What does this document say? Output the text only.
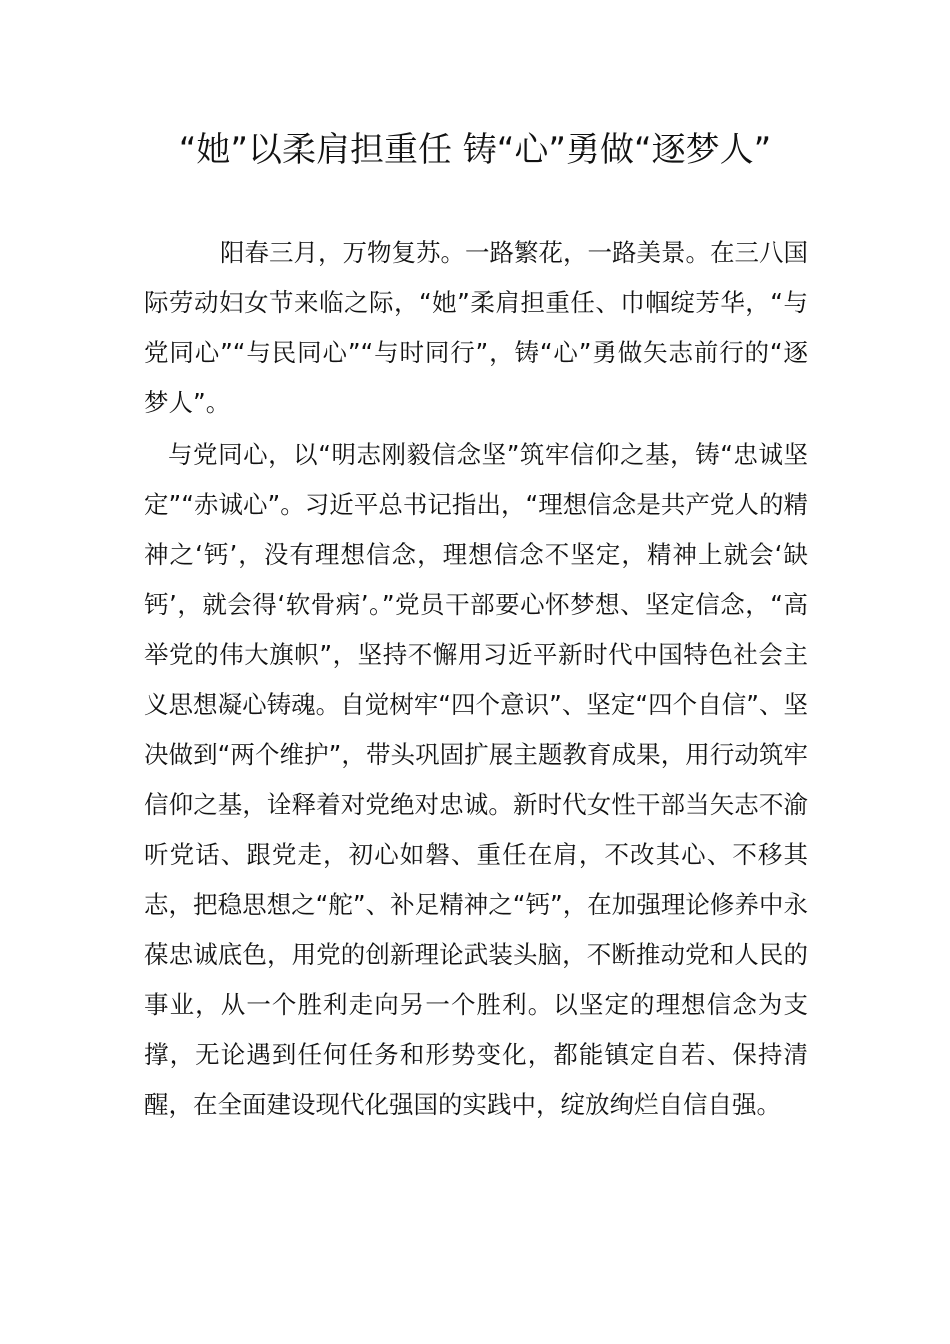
“她”以柔肩担重任 铸“心”勇做“逐梦人”

阳春三月，万物复苏。一路繁花，一路美景。在三八国际劳动妇女节来临之际，“她”柔肩担重任、巾帼绽芳华，“与党同心”“与民同心”“与时同行”，铸“心”勇做矢志前行的“逐梦人”。

与党同心，以“明志刚毅信念坚”筑牢信仰之基，铸“忠诚坚定”“赤诚心”。习近平总书记指出，“理想信念是共产党人的精神之‘钙’，没有理想信念，理想信念不坚定，精神上就会‘缺钙’，就会得‘软骨病’。”党员干部要心怀梦想、坚定信念，“高举党的伟大旗帜”，坚持不懈用习近平新时代中国特色社会主义思想凝心铸魂。自觉树牢“四个意识”、坚定“四个自信”、坚决做到“两个维护”，带头巩固扩展主题教育成果，用行动筑牢信仰之基，诠释着对党绝对忠诚。新时代女性干部当矢志不渝听党话、跟党走，初心如磐、重任在肩，不改其心、不移其志，把稳思想之“舵”、补足精神之“钙”，在加强理论修养中永葆忠诚底色，用党的创新理论武装头脑，不断推动党和人民的事业，从一个胜利走向另一个胜利。以坚定的理想信念为支撑，无论遇到任何任务和形势变化，都能镇定自若、保持清醒，在全面建设现代化强国的实践中，绽放绚烂自信自强。
